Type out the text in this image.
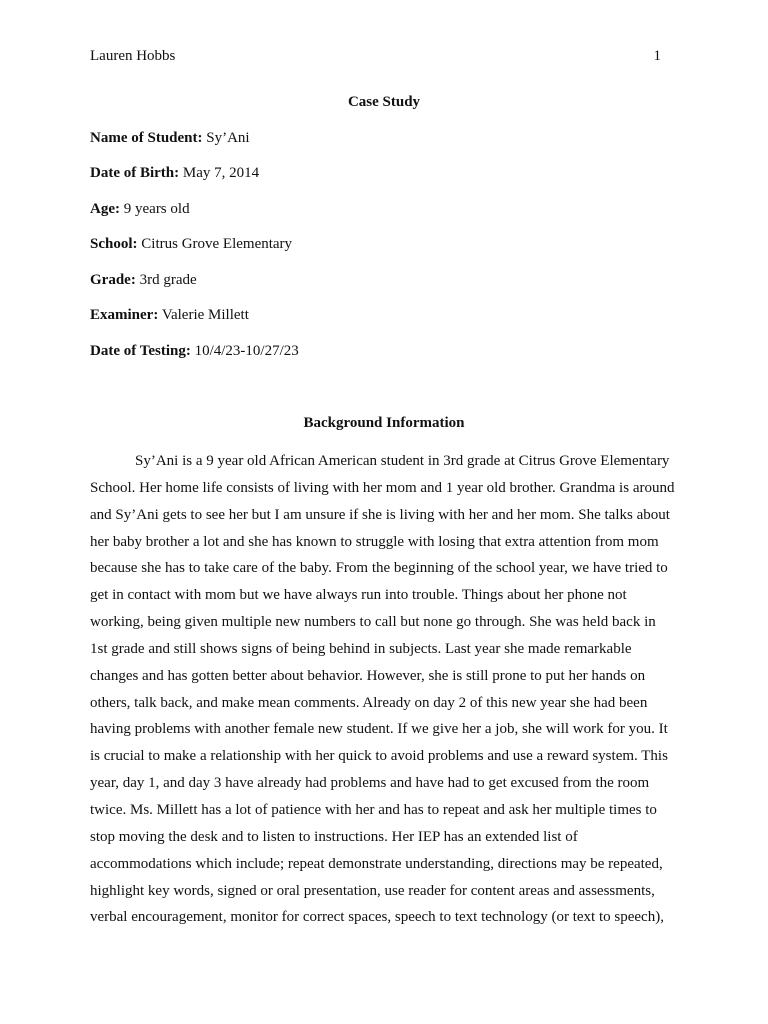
Lauren Hobbs	1
Case Study
Name of Student: Sy’Ani
Date of Birth: May 7, 2014
Age: 9 years old
School: Citrus Grove Elementary
Grade: 3rd grade
Examiner: Valerie Millett
Date of Testing: 10/4/23-10/27/23
Background Information
Sy’Ani is a 9 year old African American student in 3rd grade at Citrus Grove Elementary
School. Her home life consists of living with her mom and 1 year old brother. Grandma is around
and Sy’Ani gets to see her but I am unsure if she is living with her and her mom. She talks about
her baby brother a lot and she has known to struggle with losing that extra attention from mom
because she has to take care of the baby. From the beginning of the school year, we have tried to
get in contact with mom but we have always run into trouble. Things about her phone not
working, being given multiple new numbers to call but none go through. She was held back in
1st grade and still shows signs of being behind in subjects. Last year she made remarkable
changes and has gotten better about behavior. However, she is still prone to put her hands on
others, talk back, and make mean comments. Already on day 2 of this new year she had been
having problems with another female new student. If we give her a job, she will work for you. It
is crucial to make a relationship with her quick to avoid problems and use a reward system. This
year, day 1, and day 3 have already had problems and have had to get excused from the room
twice. Ms. Millett has a lot of patience with her and has to repeat and ask her multiple times to
stop moving the desk and to listen to instructions. Her IEP has an extended list of
accommodations which include; repeat demonstrate understanding, directions may be repeated,
highlight key words, signed or oral presentation, use reader for content areas and assessments,
verbal encouragement, monitor for correct spaces, speech to text technology (or text to speech),
